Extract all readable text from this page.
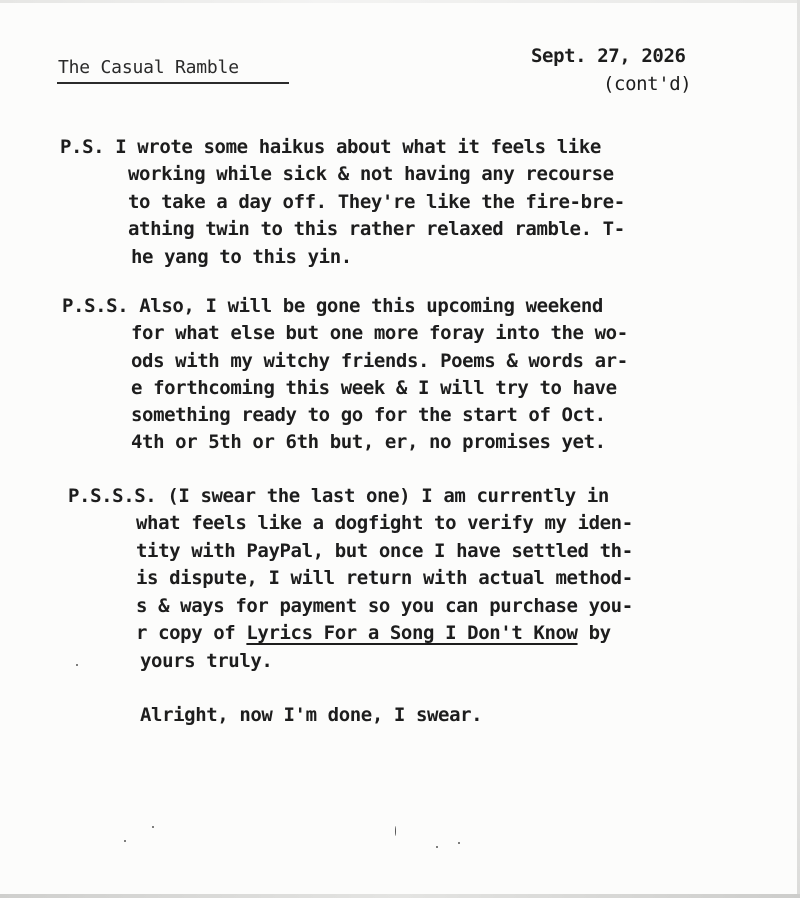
The Casual Ramble
Sept. 27, 2026
(cont'd)
P.S. I wrote some haikus about what it feels like
working while sick & not having any recourse
to take a day off. They're like the fire-bre-
athing twin to this rather relaxed ramble. T-
he yang to this yin.
P.S.S. Also, I will be gone this upcoming weekend
for what else but one more foray into the wo-
ods with my witchy friends. Poems & words ar-
e forthcoming this week & I will try to have
something ready to go for the start of Oct.
4th or 5th or 6th but, er, no promises yet.
P.S.S.S. (I swear the last one) I am currently in
what feels like a dogfight to verify my iden-
tity with PayPal, but once I have settled th-
is dispute, I will return with actual method-
s & ways for payment so you can purchase you-
r copy of Lyrics For a Song I Don't Know by
yours truly.
Alright, now I'm done, I swear.
